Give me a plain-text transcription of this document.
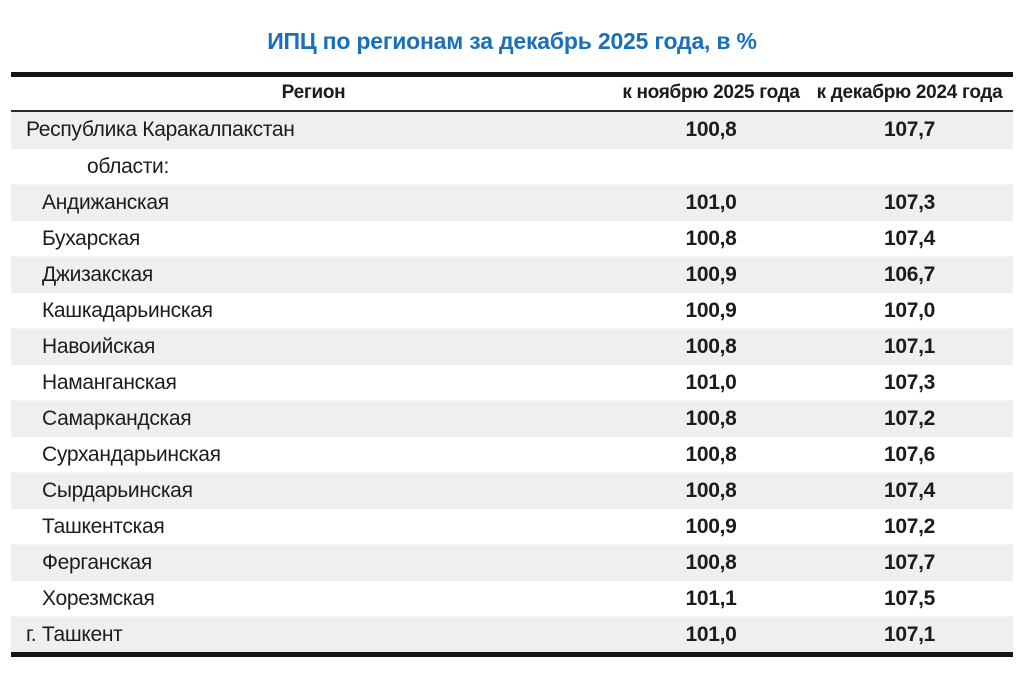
ИПЦ по регионам за декабрь 2025 года, в %
Регион	к ноябрю 2025 года	к декабрю 2024 года
Республика Каракалпакстан	100,8	107,7
области:		
Андижанская	101,0	107,3
Бухарская	100,8	107,4
Джизакская	100,9	106,7
Кашкадарьинская	100,9	107,0
Навоийская	100,8	107,1
Наманганская	101,0	107,3
Самаркандская	100,8	107,2
Сурхандарьинская	100,8	107,6
Сырдарьинская	100,8	107,4
Ташкентская	100,9	107,2
Ферганская	100,8	107,7
Хорезмская	101,1	107,5
г. Ташкент	101,0	107,1
